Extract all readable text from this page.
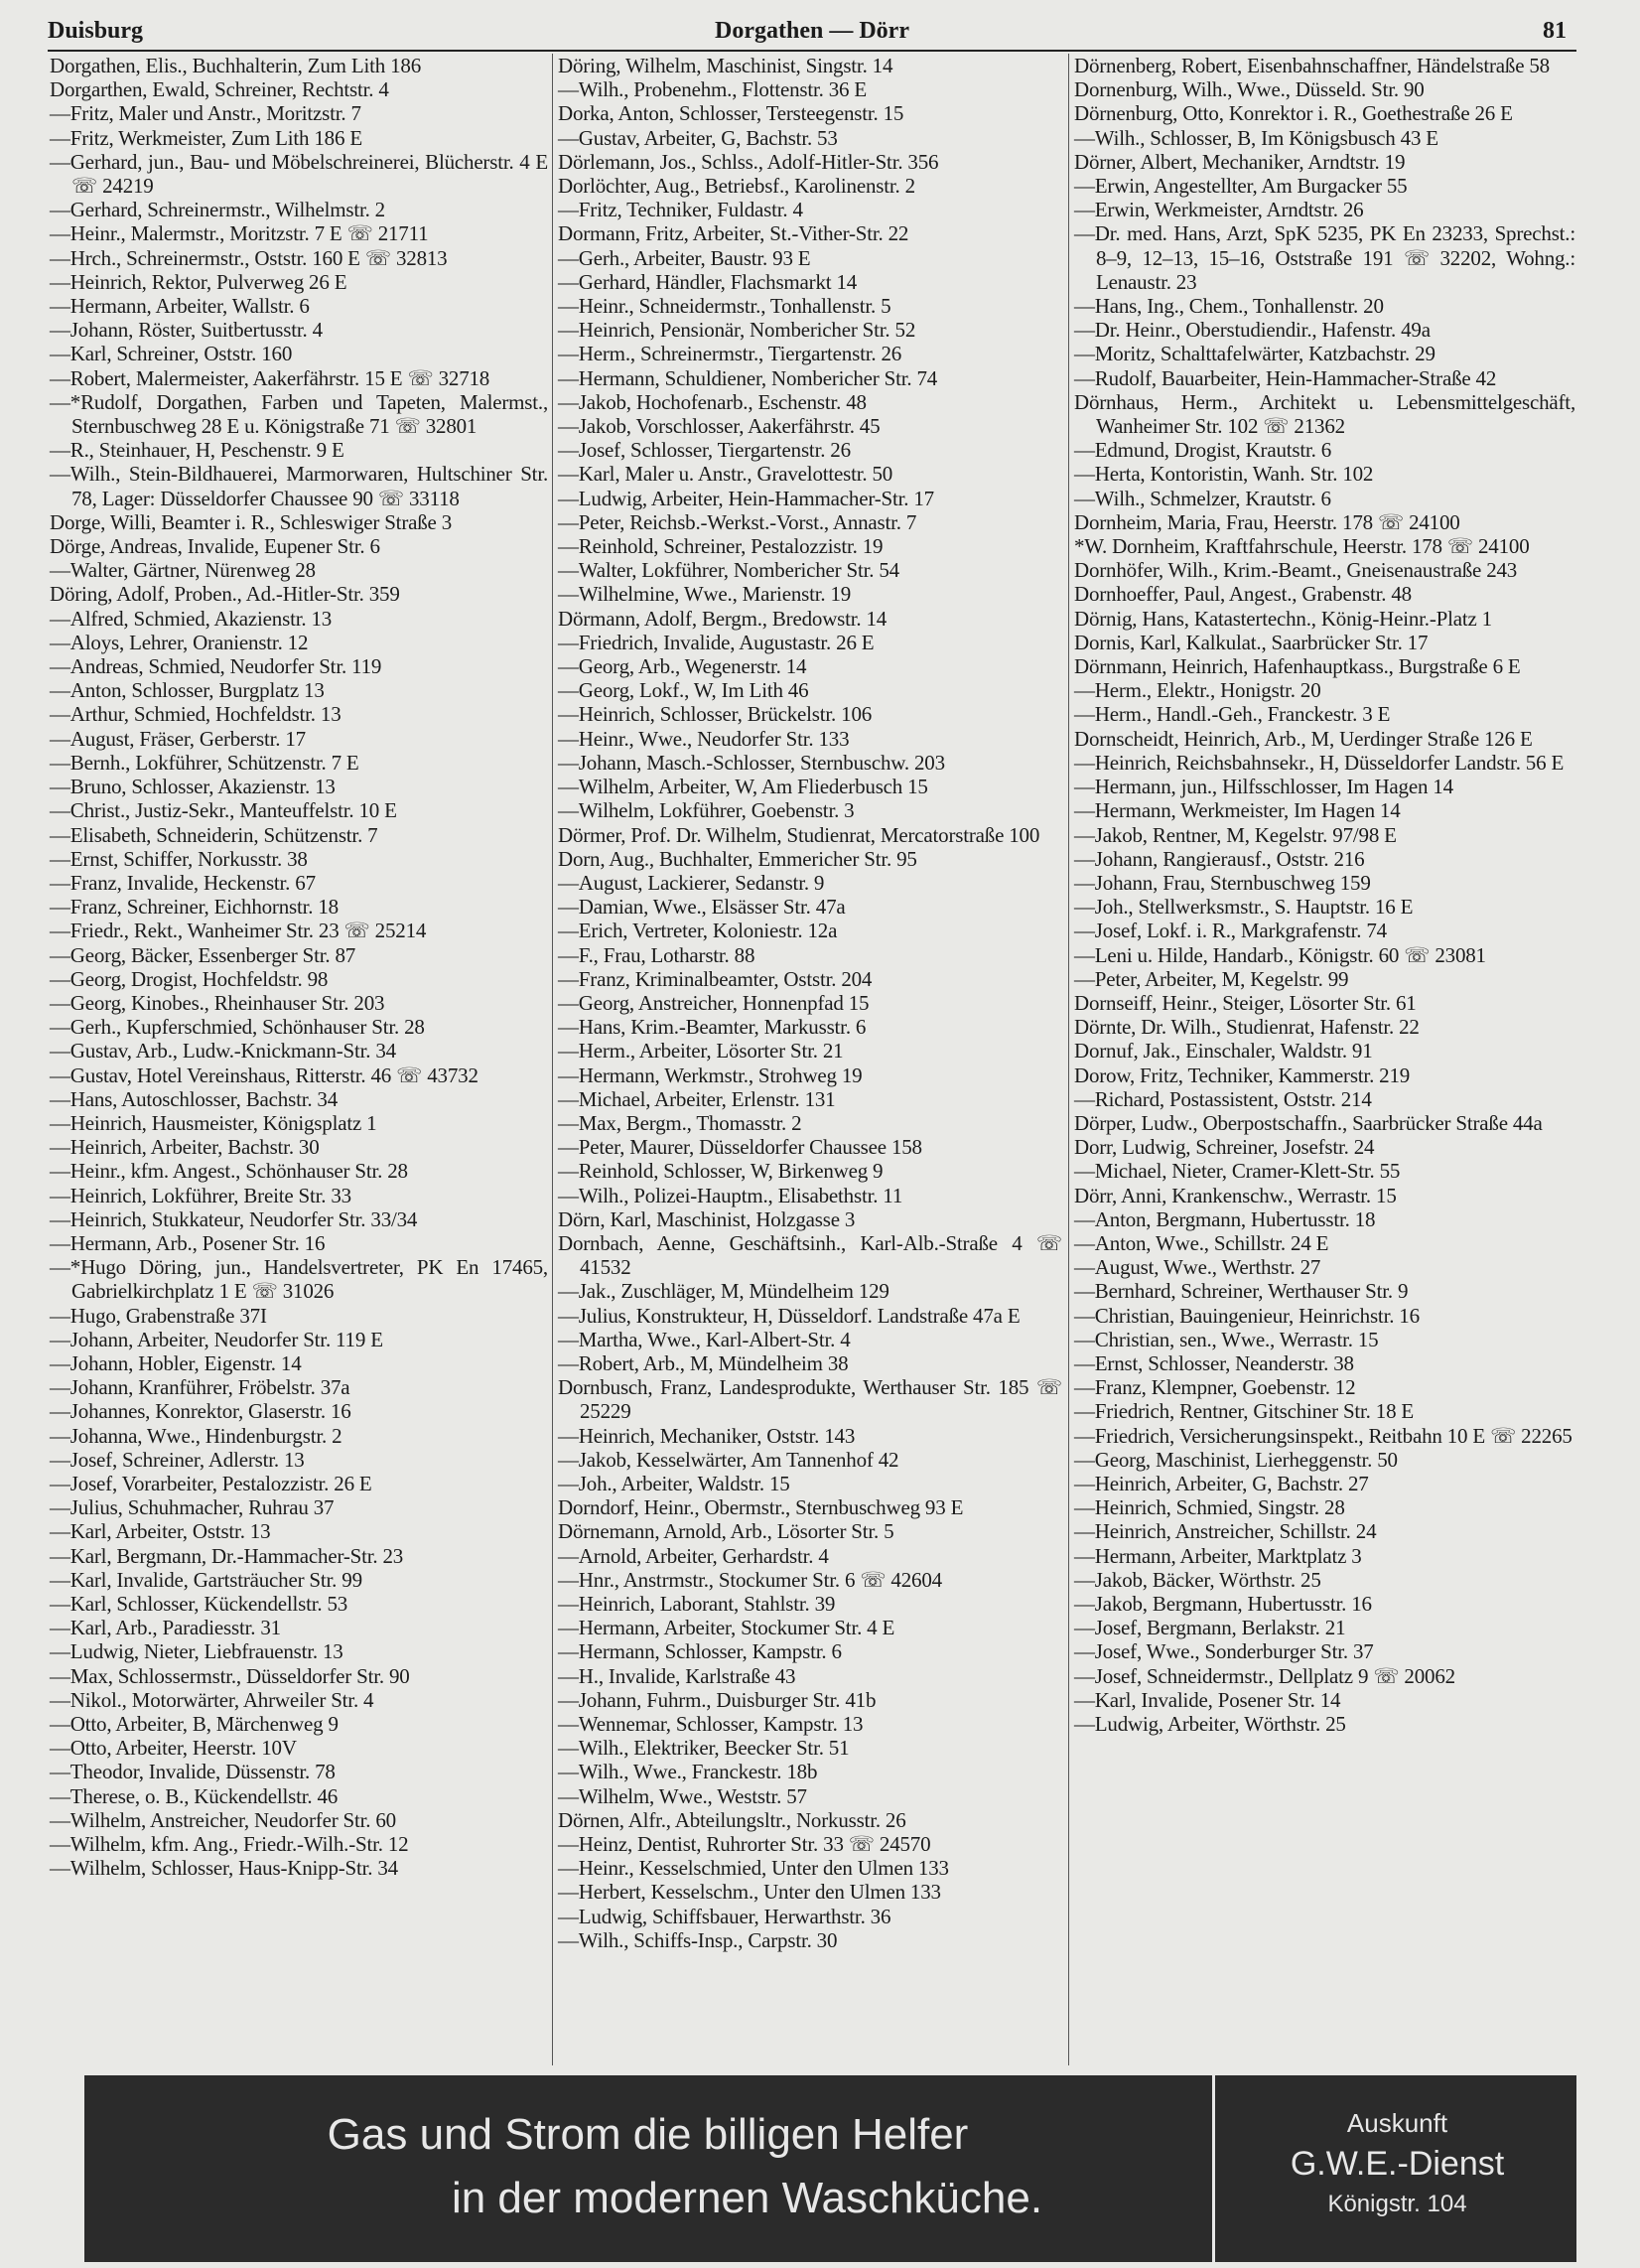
Duisburg	Dorgathen — Dörr	81
Dorgathen, Elis., Buchhalterin, Zum Lith 186
Dorgarthen, Ewald, Schreiner, Rechtstr. 4
—Fritz, Maler und Anstr., Moritzstr. 7
—Fritz, Werkmeister, Zum Lith 186 E
—Gerhard, jun., Bau- und Möbelschreinerei, Blücherstr. 4 E ☏ 24219
—Gerhard, Schreinermstr., Wilhelmstr. 2
—Heinr., Malermstr., Moritzstr. 7 E ☏ 21711
—Hrch., Schreinermstr., Oststr. 160 E ☏ 32813
—Heinrich, Rektor, Pulverweg 26 E
—Hermann, Arbeiter, Wallstr. 6
—Johann, Röster, Suitbertusstr. 4
—Karl, Schreiner, Oststr. 160
—Robert, Malermeister, Aakerfährstr. 15 E ☏ 32718
—*Rudolf, Dorgathen, Farben und Tapeten, Malermst., Sternbuschweg 28 E u. Königstraße 71 ☏ 32801
—R., Steinhauer, H, Peschenstr. 9 E
—Wilh., Stein-Bildhauerei, Marmorwaren, Hultschiner Str. 78, Lager: Düsseldorfer Chaussee 90 ☏ 33118
Dorge, Willi, Beamter i. R., Schleswiger Straße 3
Dörge, Andreas, Invalide, Eupener Str. 6
—Walter, Gärtner, Nürenweg 28
Döring, Adolf, Proben., Ad.-Hitler-Str. 359
—Alfred, Schmied, Akazienstr. 13
—Aloys, Lehrer, Oranienstr. 12
—Andreas, Schmied, Neudorfer Str. 119
—Anton, Schlosser, Burgplatz 13
—Arthur, Schmied, Hochfeldstr. 13
—August, Fräser, Gerberstr. 17
—Bernh., Lokführer, Schützenstr. 7 E
—Bruno, Schlosser, Akazienstr. 13
—Christ., Justiz-Sekr., Manteuffelstr. 10 E
—Elisabeth, Schneiderin, Schützenstr. 7
—Ernst, Schiffer, Norkusstr. 38
—Franz, Invalide, Heckenstr. 67
—Franz, Schreiner, Eichhornstr. 18
—Friedr., Rekt., Wanheimer Str. 23 ☏ 25214
—Georg, Bäcker, Essenberger Str. 87
—Georg, Drogist, Hochfeldstr. 98
—Georg, Kinobes., Rheinhauser Str. 203
—Gerh., Kupferschmied, Schönhauser Str. 28
—Gustav, Arb., Ludw.-Knickmann-Str. 34
—Gustav, Hotel Vereinshaus, Ritterstr. 46 ☏ 43732
—Hans, Autoschlosser, Bachstr. 34
—Heinrich, Hausmeister, Königsplatz 1
—Heinrich, Arbeiter, Bachstr. 30
—Heinr., kfm. Angest., Schönhauser Str. 28
—Heinrich, Lokführer, Breite Str. 33
—Heinrich, Stukkateur, Neudorfer Str. 33/34
—Hermann, Arb., Posener Str. 16
—*Hugo Döring, jun., Handelsvertreter, PK En 17465, Gabrielkirchplatz 1 E ☏ 31026
—Hugo, Grabenstraße 37I
—Johann, Arbeiter, Neudorfer Str. 119 E
—Johann, Hobler, Eigenstr. 14
—Johann, Kranführer, Fröbelstr. 37a
—Johannes, Konrektor, Glaserstr. 16
—Johanna, Wwe., Hindenburgstr. 2
—Josef, Schreiner, Adlerstr. 13
—Josef, Vorarbeiter, Pestalozzistr. 26 E
—Julius, Schuhmacher, Ruhrau 37
—Karl, Arbeiter, Oststr. 13
—Karl, Bergmann, Dr.-Hammacher-Str. 23
—Karl, Invalide, Gartsträucher Str. 99
—Karl, Schlosser, Kückendellstr. 53
—Karl, Arb., Paradiesstr. 31
—Ludwig, Nieter, Liebfrauenstr. 13
—Max, Schlossermstr., Düsseldorfer Str. 90
—Nikol., Motorwärter, Ahrweiler Str. 4
—Otto, Arbeiter, B, Märchenweg 9
—Otto, Arbeiter, Heerstr. 10V
—Theodor, Invalide, Düssenstr. 78
—Therese, o. B., Kückendellstr. 46
—Wilhelm, Anstreicher, Neudorfer Str. 60
—Wilhelm, kfm. Ang., Friedr.-Wilh.-Str. 12
—Wilhelm, Schlosser, Haus-Knipp-Str. 34
Döring, Wilhelm, Maschinist, Singstr. 14
—Wilh., Probenehm., Flottenstr. 36 E
Dorka, Anton, Schlosser, Tersteegenstr. 15
—Gustav, Arbeiter, G, Bachstr. 53
Dörlemann, Jos., Schlss., Adolf-Hitler-Str. 356
Dorlöchter, Aug., Betriebsf., Karolinenstr. 2
—Fritz, Techniker, Fuldastr. 4
Dormann, Fritz, Arbeiter, St.-Vither-Str. 22
—Gerh., Arbeiter, Baustr. 93 E
—Gerhard, Händler, Flachsmarkt 14
—Heinr., Schneidermstr., Tonhallenstr. 5
—Heinrich, Pensionär, Nombericher Str. 52
—Herm., Schreinermstr., Tiergartenstr. 26
—Hermann, Schuldiener, Nombericher Str. 74
—Jakob, Hochofenarb., Eschenstr. 48
—Jakob, Vorschlosser, Aakerfährstr. 45
—Josef, Schlosser, Tiergartenstr. 26
—Karl, Maler u. Anstr., Gravelottestr. 50
—Ludwig, Arbeiter, Hein-Hammacher-Str. 17
—Peter, Reichsb.-Werkst.-Vorst., Annastr. 7
—Reinhold, Schreiner, Pestalozzistr. 19
—Walter, Lokführer, Nombericher Str. 54
—Wilhelmine, Wwe., Marienstr. 19
Dörmann, Adolf, Bergm., Bredowstr. 14
—Friedrich, Invalide, Augustastr. 26 E
—Georg, Arb., Wegenerstr. 14
—Georg, Lokf., W, Im Lith 46
—Heinrich, Schlosser, Brückelstr. 106
—Heinr., Wwe., Neudorfer Str. 133
—Johann, Masch.-Schlosser, Sternbuschw. 203
—Wilhelm, Arbeiter, W, Am Fliederbusch 15
—Wilhelm, Lokführer, Goebenstr. 3
Dörmer, Prof. Dr. Wilhelm, Studienrat, Mercatorstraße 100
Dorn, Aug., Buchhalter, Emmericher Str. 95
—August, Lackierer, Sedanstr. 9
—Damian, Wwe., Elsässer Str. 47a
—Erich, Vertreter, Koloniestr. 12a
—F., Frau, Lotharstr. 88
—Franz, Kriminalbeamter, Oststr. 204
—Georg, Anstreicher, Honnenpfad 15
—Hans, Krim.-Beamter, Markusstr. 6
—Herm., Arbeiter, Lösorter Str. 21
—Hermann, Werkmstr., Strohweg 19
—Michael, Arbeiter, Erlenstr. 131
—Max, Bergm., Thomasstr. 2
—Peter, Maurer, Düsseldorfer Chaussee 158
—Reinhold, Schlosser, W, Birkenweg 9
—Wilh., Polizei-Hauptm., Elisabethstr. 11
Dörn, Karl, Maschinist, Holzgasse 3
Dornbach, Aenne, Geschäftsinh., Karl-Alb.-Straße 4 ☏ 41532
—Jak., Zuschläger, M, Mündelheim 129
—Julius, Konstrukteur, H, Düsseldorf. Landstraße 47a E
—Martha, Wwe., Karl-Albert-Str. 4
—Robert, Arb., M, Mündelheim 38
Dornbusch, Franz, Landesprodukte, Werthauser Str. 185 ☏ 25229
—Heinrich, Mechaniker, Oststr. 143
—Jakob, Kesselwärter, Am Tannenhof 42
—Joh., Arbeiter, Waldstr. 15
Dorndorf, Heinr., Obermstr., Sternbuschweg 93 E
Dörnemann, Arnold, Arb., Lösorter Str. 5
—Arnold, Arbeiter, Gerhardstr. 4
—Hnr., Anstrmstr., Stockumer Str. 6 ☏ 42604
—Heinrich, Laborant, Stahlstr. 39
—Hermann, Arbeiter, Stockumer Str. 4 E
—Hermann, Schlosser, Kampstr. 6
—H., Invalide, Karlstraße 43
—Johann, Fuhrm., Duisburger Str. 41b
—Wennemar, Schlosser, Kampstr. 13
—Wilh., Elektriker, Beecker Str. 51
—Wilh., Wwe., Franckestr. 18b
—Wilhelm, Wwe., Weststr. 57
Dörnen, Alfr., Abteilungsltr., Norkusstr. 26
—Heinz, Dentist, Ruhrorter Str. 33 ☏ 24570
—Heinr., Kesselschmied, Unter den Ulmen 133
—Herbert, Kesselschm., Unter den Ulmen 133
—Ludwig, Schiffsbauer, Herwarthstr. 36
—Wilh., Schiffs-Insp., Carpstr. 30
Dörnenberg, Robert, Eisenbahnschaffner, Händelstraße 58
Dornenburg, Wilh., Wwe., Düsseld. Str. 90
Dörnenburg, Otto, Konrektor i. R., Goethestraße 26 E
—Wilh., Schlosser, B, Im Königsbusch 43 E
Dörner, Albert, Mechaniker, Arndtstr. 19
—Erwin, Angestellter, Am Burgacker 55
—Erwin, Werkmeister, Arndtstr. 26
—Dr. med. Hans, Arzt, SpK 5235, PK En 23233, Sprechst.: 8–9, 12–13, 15–16, Oststraße 191 ☏ 32202, Wohng.: Lenaustr. 23
—Hans, Ing., Chem., Tonhallenstr. 20
—Dr. Heinr., Oberstudiendir., Hafenstr. 49a
—Moritz, Schalttafelwärter, Katzbachstr. 29
—Rudolf, Bauarbeiter, Hein-Hammacher-Straße 42
Dörnhaus, Herm., Architekt u. Lebensmittelgeschäft, Wanheimer Str. 102 ☏ 21362
—Edmund, Drogist, Krautstr. 6
—Herta, Kontoristin, Wanh. Str. 102
—Wilh., Schmelzer, Krautstr. 6
Dornheim, Maria, Frau, Heerstr. 178 ☏ 24100
*W. Dornheim, Kraftfahrschule, Heerstr. 178 ☏ 24100
Dornhöfer, Wilh., Krim.-Beamt., Gneisenaustraße 243
Dornhoeffer, Paul, Angest., Grabenstr. 48
Dörnig, Hans, Katastertechn., König-Heinr.-Platz 1
Dornis, Karl, Kalkulat., Saarbrücker Str. 17
Dörnmann, Heinrich, Hafenhauptkass., Burgstraße 6 E
—Herm., Elektr., Honigstr. 20
—Herm., Handl.-Geh., Franckestr. 3 E
Dornscheidt, Heinrich, Arb., M, Uerdinger Straße 126 E
—Heinrich, Reichsbahnsekr., H, Düsseldorfer Landstr. 56 E
—Hermann, jun., Hilfsschlosser, Im Hagen 14
—Hermann, Werkmeister, Im Hagen 14
—Jakob, Rentner, M, Kegelstr. 97/98 E
—Johann, Rangierausf., Oststr. 216
—Johann, Frau, Sternbuschweg 159
—Joh., Stellwerksmstr., S. Hauptstr. 16 E
—Josef, Lokf. i. R., Markgrafenstr. 74
—Leni u. Hilde, Handarb., Königstr. 60 ☏ 23081
—Peter, Arbeiter, M, Kegelstr. 99
Dornseiff, Heinr., Steiger, Lösorter Str. 61
Dörnte, Dr. Wilh., Studienrat, Hafenstr. 22
Dornuf, Jak., Einschaler, Waldstr. 91
Dorow, Fritz, Techniker, Kammerstr. 219
—Richard, Postassistent, Oststr. 214
Dörper, Ludw., Oberpostschaffn., Saarbrücker Straße 44a
Dorr, Ludwig, Schreiner, Josefstr. 24
—Michael, Nieter, Cramer-Klett-Str. 55
Dörr, Anni, Krankenschw., Werrastr. 15
—Anton, Bergmann, Hubertusstr. 18
—Anton, Wwe., Schillstr. 24 E
—August, Wwe., Werthstr. 27
—Bernhard, Schreiner, Werthauser Str. 9
—Christian, Bauingenieur, Heinrichstr. 16
—Christian, sen., Wwe., Werrastr. 15
—Ernst, Schlosser, Neanderstr. 38
—Franz, Klempner, Goebenstr. 12
—Friedrich, Rentner, Gitschiner Str. 18 E
—Friedrich, Versicherungsinspekt., Reitbahn 10 E ☏ 22265
—Georg, Maschinist, Lierheggenstr. 50
—Heinrich, Arbeiter, G, Bachstr. 27
—Heinrich, Schmied, Singstr. 28
—Heinrich, Anstreicher, Schillstr. 24
—Hermann, Arbeiter, Marktplatz 3
—Jakob, Bäcker, Wörthstr. 25
—Jakob, Bergmann, Hubertusstr. 16
—Josef, Bergmann, Berlakstr. 21
—Josef, Wwe., Sonderburger Str. 37
—Josef, Schneidermstr., Dellplatz 9 ☏ 20062
—Karl, Invalide, Posener Str. 14
—Ludwig, Arbeiter, Wörthstr. 25
Gas und Strom die billigen Helfer
in der modernen Waschküche.
Auskunft
G.W.E.-Dienst
Königstr. 104
